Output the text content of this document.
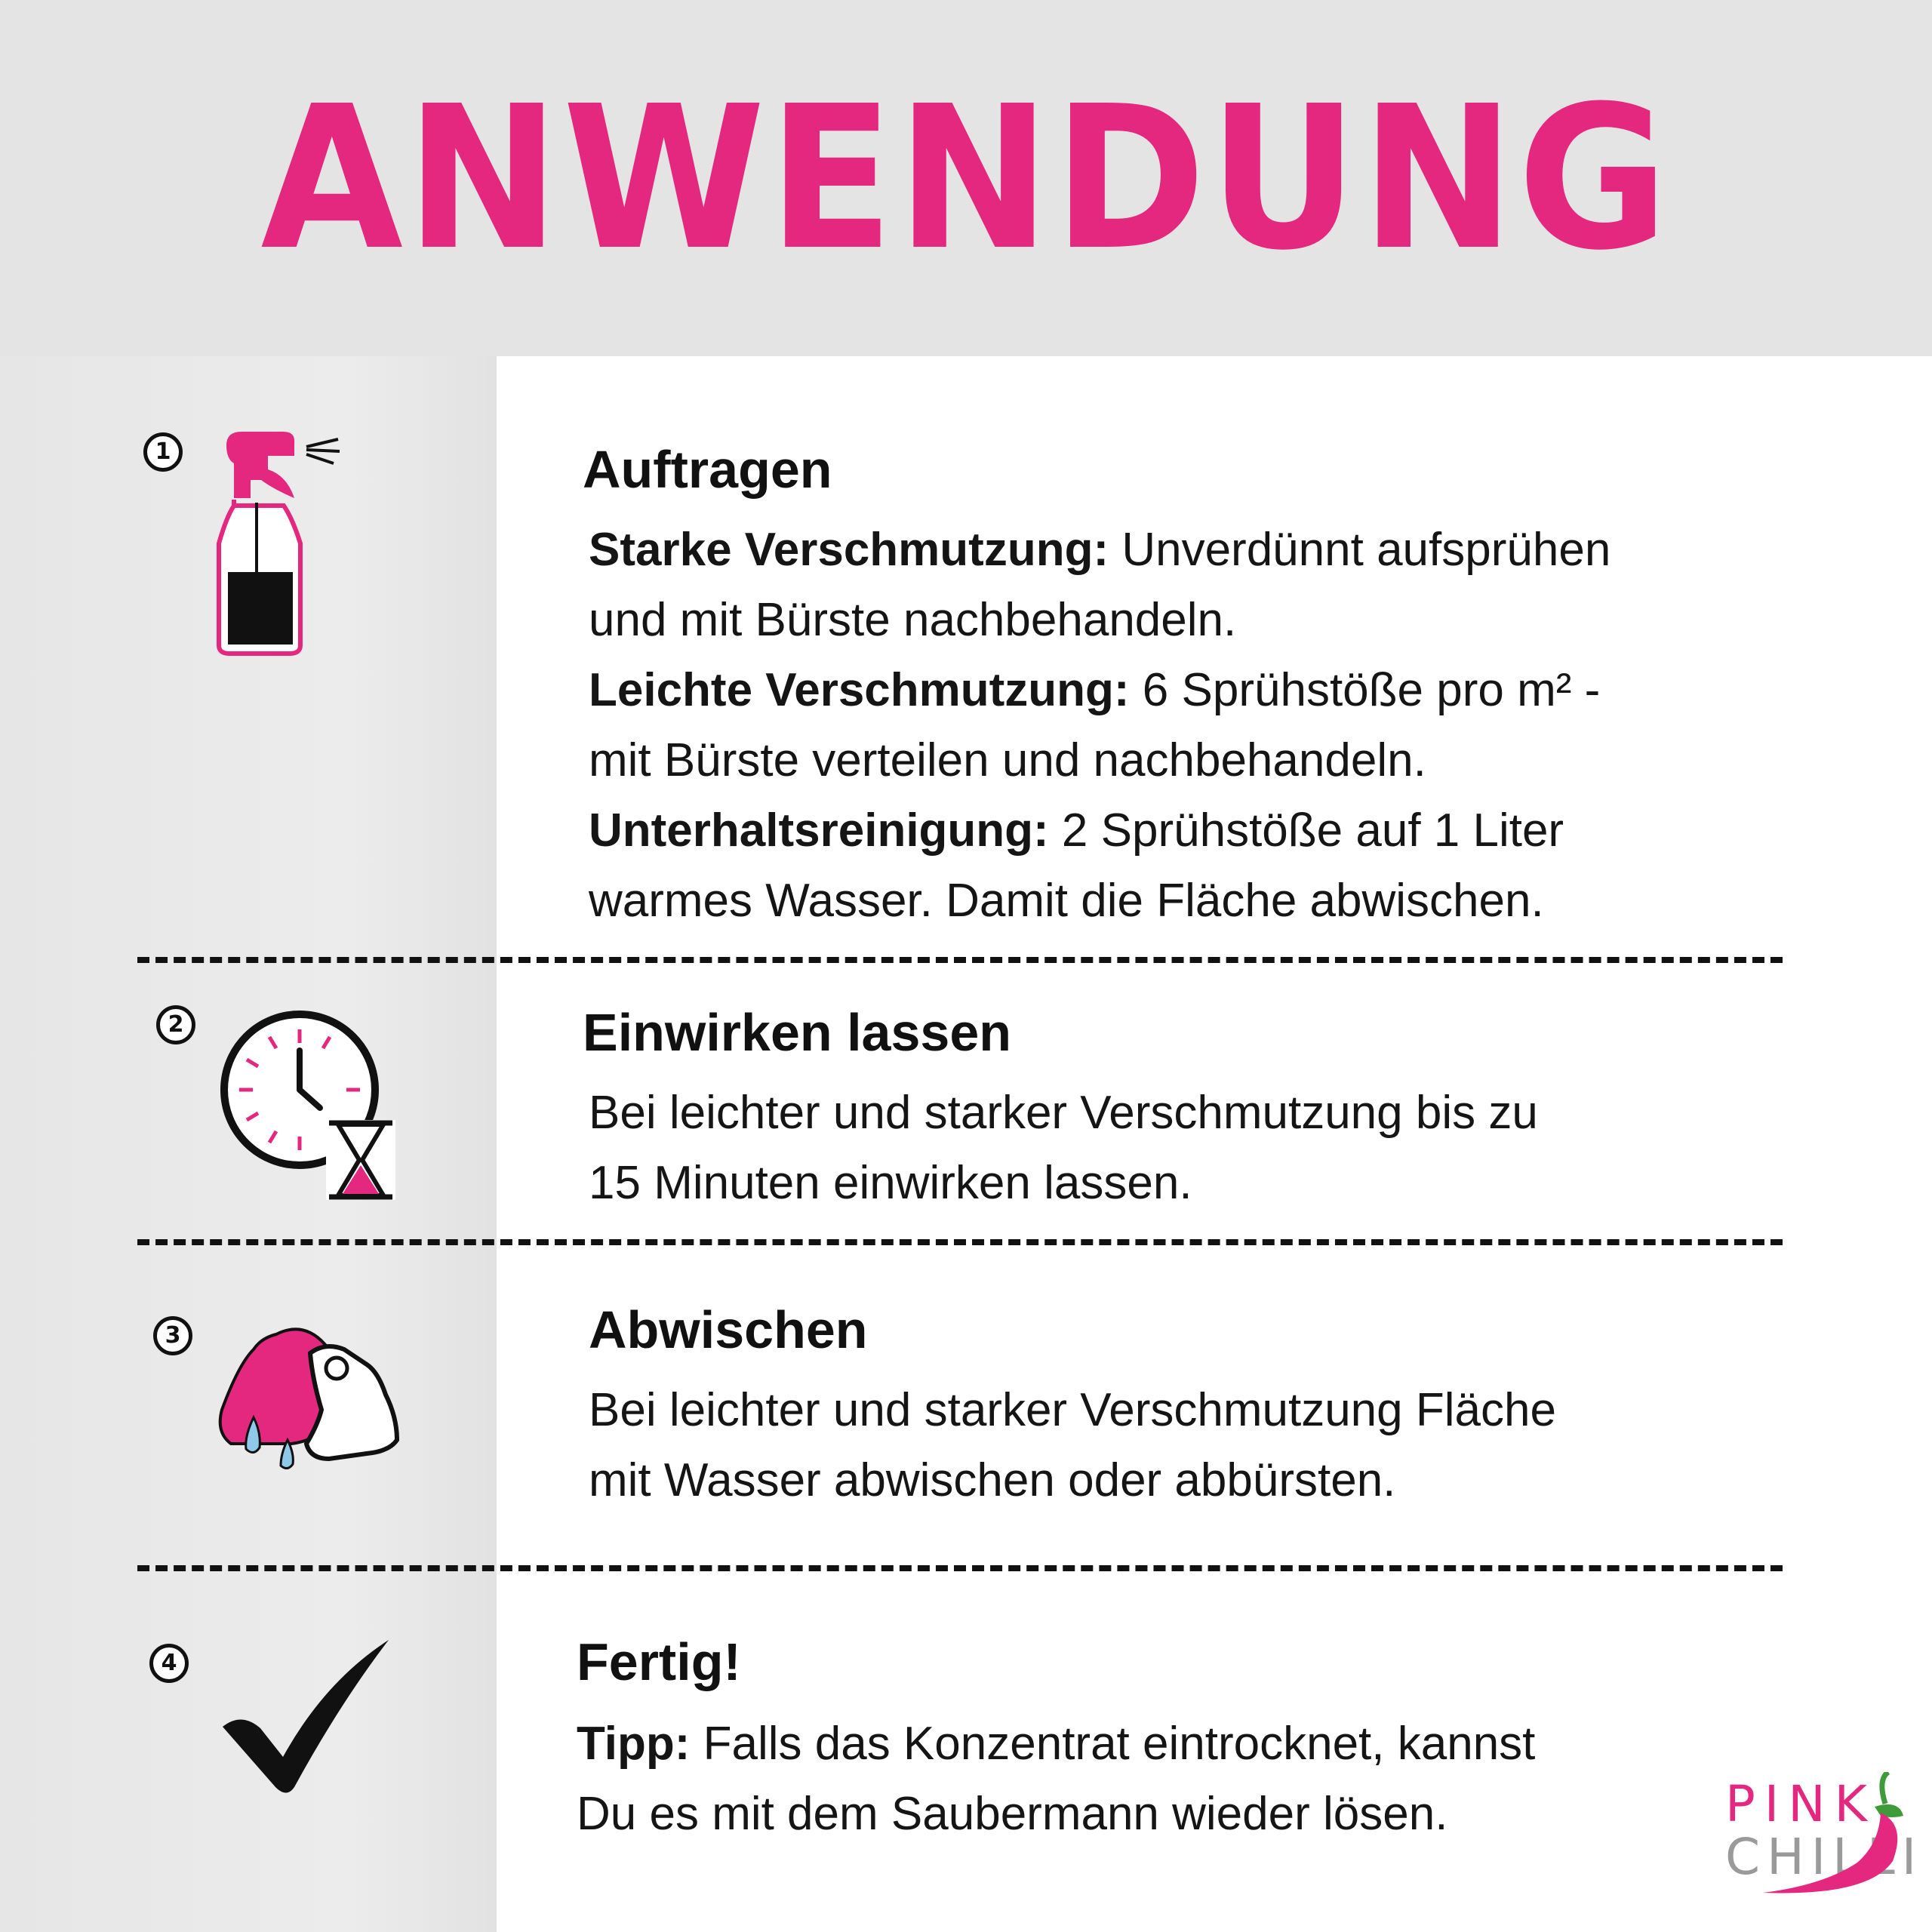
ANWENDUNG
1	Auftragen
Starke Verschmutzung: Unverdünnt aufsprühen
und mit Bürste nachbehandeln.
Leichte Verschmutzung: 6 Sprühstöße pro m² -
mit Bürste verteilen und nachbehandeln.
Unterhaltsreinigung: 2 Sprühstöße auf 1 Liter
warmes Wasser. Damit die Fläche abwischen.
2	Einwirken lassen
Bei leichter und starker Verschmutzung bis zu
15 Minuten einwirken lassen.
3	Abwischen
Bei leichter und starker Verschmutzung Fläche
mit Wasser abwischen oder abbürsten.
4	Fertig!
Tipp: Falls das Konzentrat eintrocknet, kannst
Du es mit dem Saubermann wieder lösen.	PINK
CHILLI
